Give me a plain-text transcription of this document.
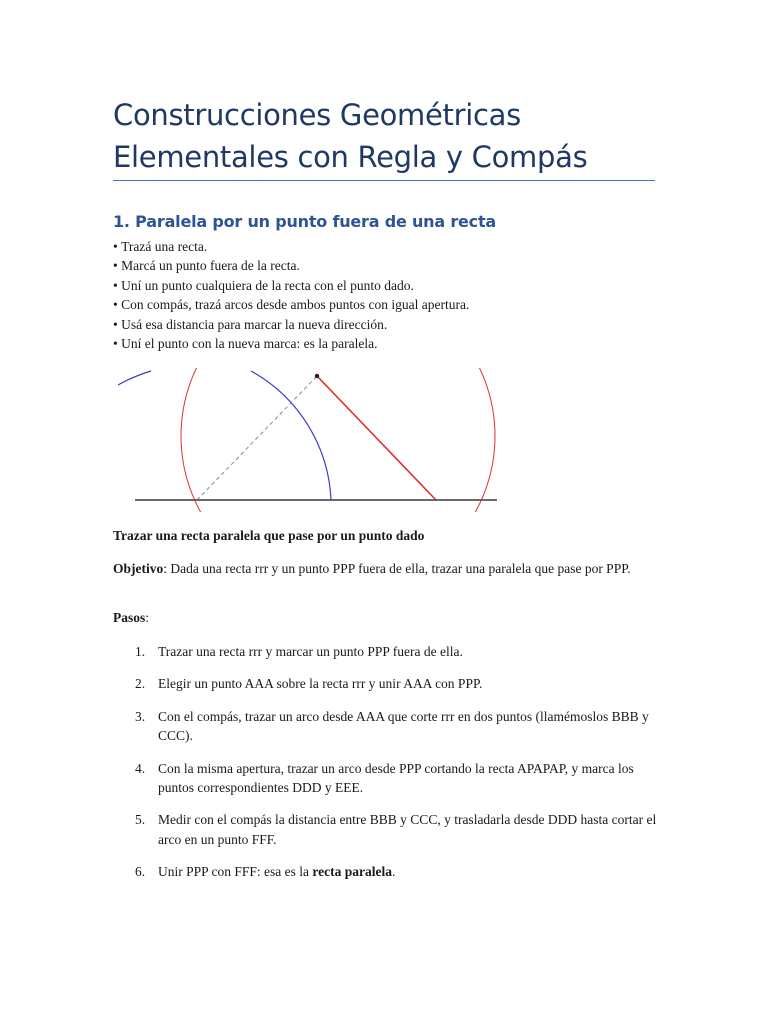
Construcciones Geométricas Elementales con Regla y Compás
1. Paralela por un punto fuera de una recta
• Trazá una recta.
• Marcá un punto fuera de la recta.
• Uní un punto cualquiera de la recta con el punto dado.
• Con compás, trazá arcos desde ambos puntos con igual apertura.
• Usá esa distancia para marcar la nueva dirección.
• Uní el punto con la nueva marca: es la paralela.

Trazar una recta paralela que pase por un punto dado

Objetivo: Dada una recta rrr y un punto PPP fuera de ella, trazar una paralela que pase por PPP.

Pasos:

1. Trazar una recta rrr y marcar un punto PPP fuera de ella.
2. Elegir un punto AAA sobre la recta rrr y unir AAA con PPP.
3. Con el compás, trazar un arco desde AAA que corte rrr en dos puntos (llamémoslos BBB y CCC).
4. Con la misma apertura, trazar un arco desde PPP cortando la recta APAPAP, y marca los puntos correspondientes DDD y EEE.
5. Medir con el compás la distancia entre BBB y CCC, y trasladarla desde DDD hasta cortar el arco en un punto FFF.
6. Unir PPP con FFF: esa es la recta paralela.
